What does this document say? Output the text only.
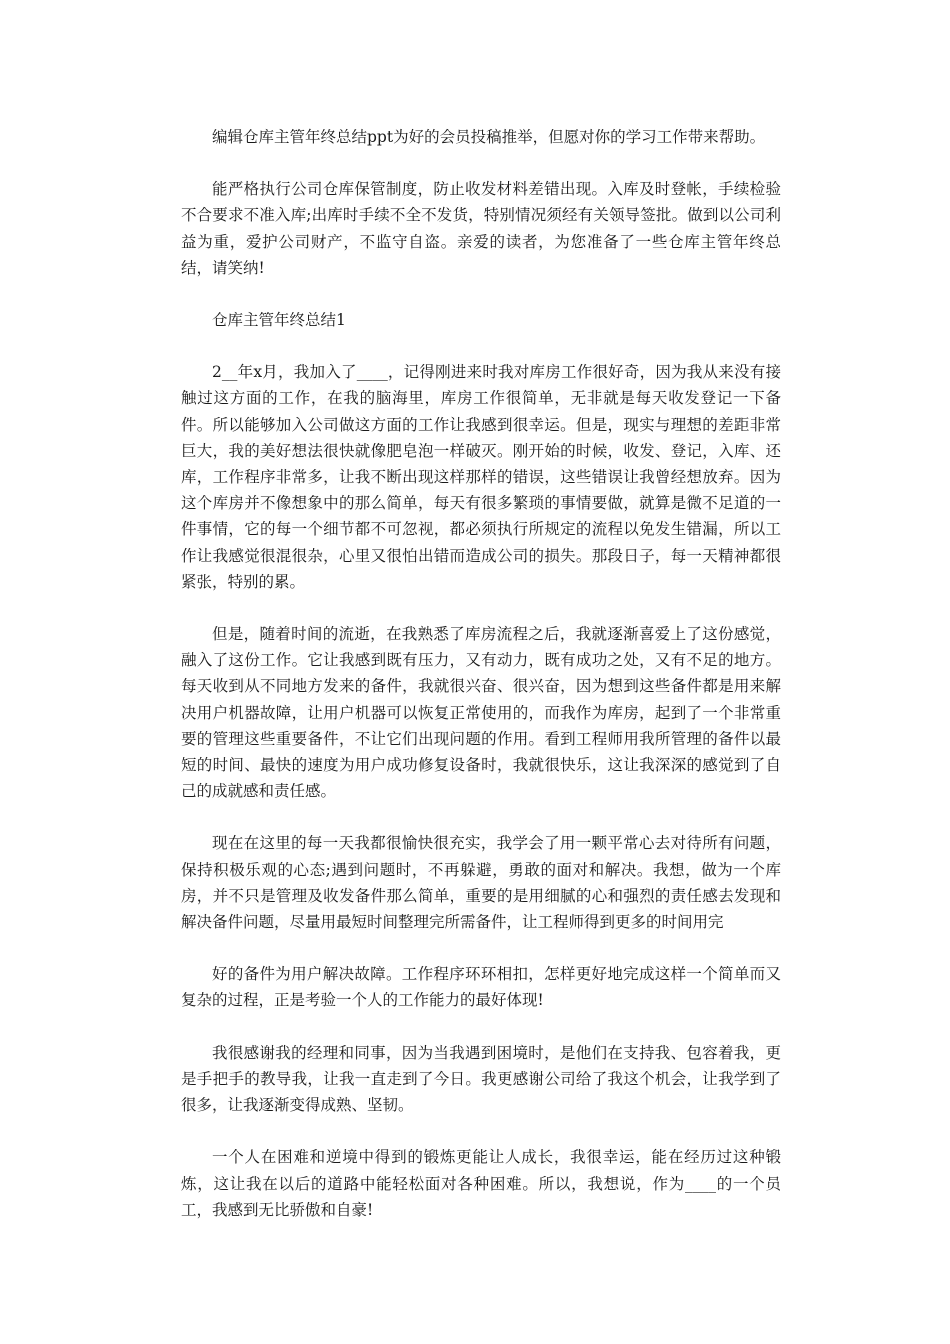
编辑仓库主管年终总结ppt为好的会员投稿推举，但愿对你的学习工作带来帮助。

能严格执行公司仓库保管制度，防止收发材料差错出现。入库及时登帐，手续检验不合要求不准入库;出库时手续不全不发货，特别情况须经有关领导签批。做到以公司利益为重，爱护公司财产，不监守自盗。亲爱的读者，为您准备了一些仓库主管年终总结，请笑纳!

仓库主管年终总结1

2__年x月，我加入了____，记得刚进来时我对库房工作很好奇，因为我从来没有接触过这方面的工作，在我的脑海里，库房工作很简单，无非就是每天收发登记一下备件。所以能够加入公司做这方面的工作让我感到很幸运。但是，现实与理想的差距非常巨大，我的美好想法很快就像肥皂泡一样破灭。刚开始的时候，收发、登记，入库、还库，工作程序非常多，让我不断出现这样那样的错误，这些错误让我曾经想放弃。因为这个库房并不像想象中的那么简单，每天有很多繁琐的事情要做，就算是微不足道的一件事情，它的每一个细节都不可忽视，都必须执行所规定的流程以免发生错漏，所以工作让我感觉很混很杂，心里又很怕出错而造成公司的损失。那段日子，每一天精神都很紧张，特别的累。

但是，随着时间的流逝，在我熟悉了库房流程之后，我就逐渐喜爱上了这份感觉，融入了这份工作。它让我感到既有压力，又有动力，既有成功之处，又有不足的地方。每天收到从不同地方发来的备件，我就很兴奋、很兴奋，因为想到这些备件都是用来解决用户机器故障，让用户机器可以恢复正常使用的，而我作为库房，起到了一个非常重要的管理这些重要备件，不让它们出现问题的作用。看到工程师用我所管理的备件以最短的时间、最快的速度为用户成功修复设备时，我就很快乐，这让我深深的感觉到了自己的成就感和责任感。

现在在这里的每一天我都很愉快很充实，我学会了用一颗平常心去对待所有问题，保持积极乐观的心态;遇到问题时，不再躲避，勇敢的面对和解决。我想，做为一个库房，并不只是管理及收发备件那么简单，重要的是用细腻的心和强烈的责任感去发现和解决备件问题，尽量用最短时间整理完所需备件，让工程师得到更多的时间用完

好的备件为用户解决故障。工作程序环环相扣，怎样更好地完成这样一个简单而又复杂的过程，正是考验一个人的工作能力的最好体现!

我很感谢我的经理和同事，因为当我遇到困境时，是他们在支持我、包容着我，更是手把手的教导我，让我一直走到了今日。我更感谢公司给了我这个机会，让我学到了很多，让我逐渐变得成熟、坚韧。

一个人在困难和逆境中得到的锻炼更能让人成长，我很幸运，能在经历过这种锻炼，这让我在以后的道路中能轻松面对各种困难。所以，我想说，作为____的一个员工，我感到无比骄傲和自豪!
